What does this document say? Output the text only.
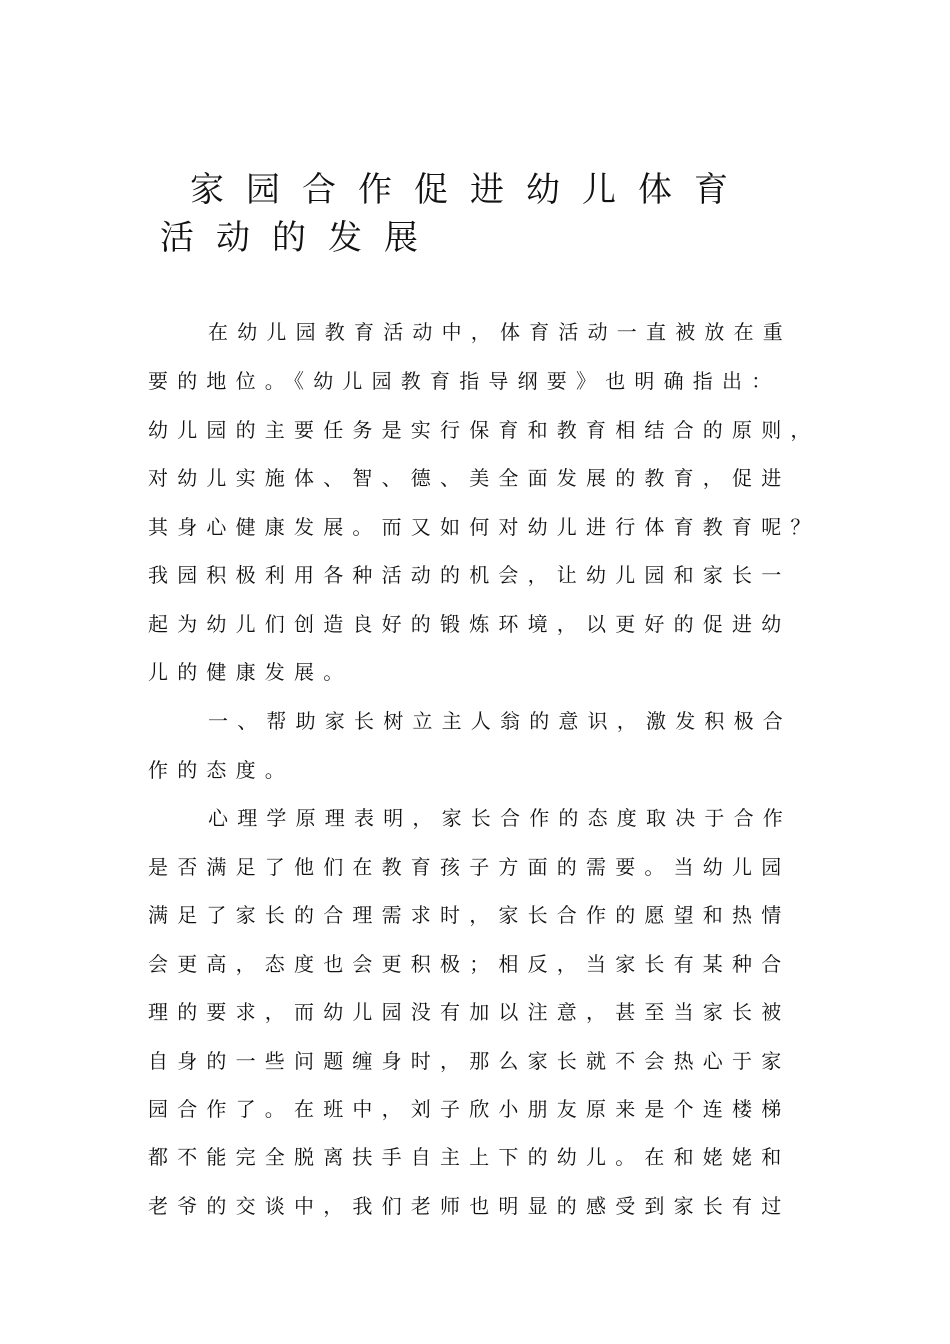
家园合作促进幼儿体育
活动的发展
在幼儿园教育活动中，体育活动一直被放在重
要的地位。《幼儿园教育指导纲要》也明确指出：
幼儿园的主要任务是实行保育和教育相结合的原则，
对幼儿实施体、智、德、美全面发展的教育，促进
其身心健康发展。而又如何对幼儿进行体育教育呢？
我园积极利用各种活动的机会，让幼儿园和家长一
起为幼儿们创造良好的锻炼环境，以更好的促进幼
儿的健康发展。
一、帮助家长树立主人翁的意识，激发积极合
作的态度。
心理学原理表明，家长合作的态度取决于合作
是否满足了他们在教育孩子方面的需要。当幼儿园
满足了家长的合理需求时，家长合作的愿望和热情
会更高，态度也会更积极；相反，当家长有某种合
理的要求，而幼儿园没有加以注意，甚至当家长被
自身的一些问题缠身时，那么家长就不会热心于家
园合作了。在班中，刘子欣小朋友原来是个连楼梯
都不能完全脱离扶手自主上下的幼儿。在和姥姥和
老爷的交谈中，我们老师也明显的感受到家长有过
